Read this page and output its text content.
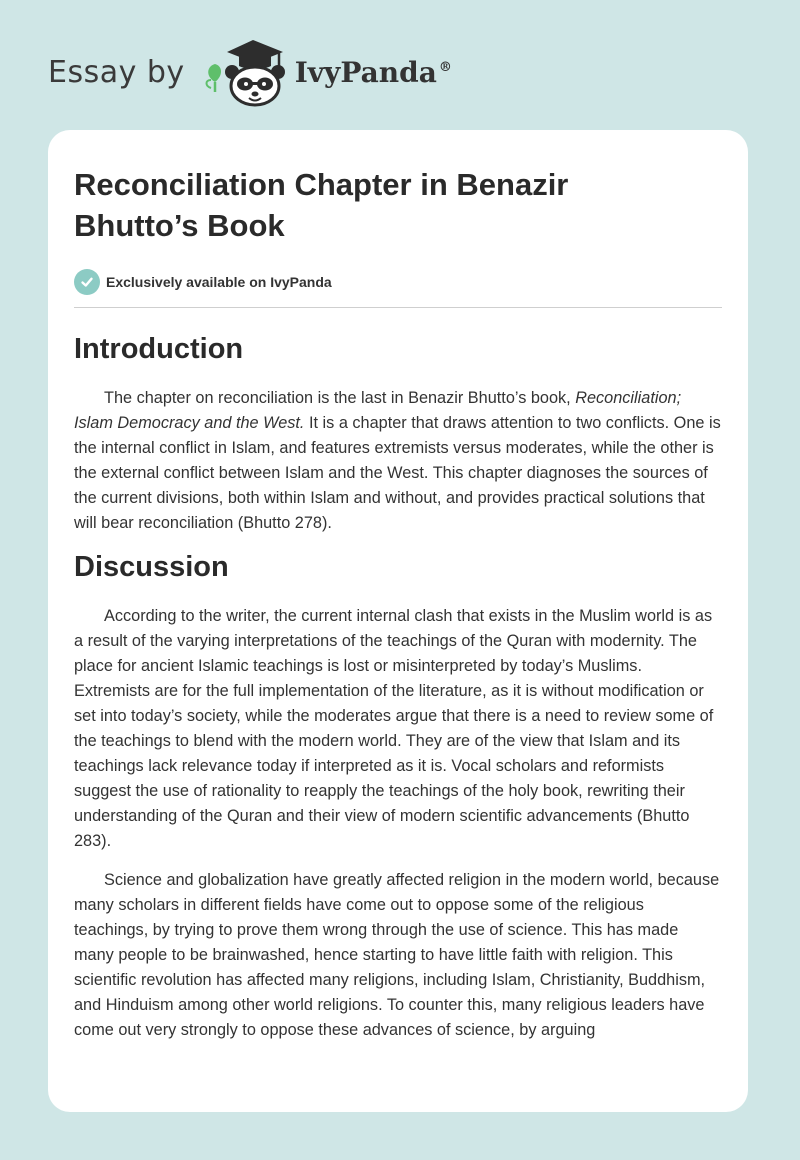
Essay by	IvyPanda ®
Reconciliation Chapter in Benazir Bhutto’s Book
Exclusively available on IvyPanda
Introduction

The chapter on reconciliation is the last in Benazir Bhutto’s book, Reconciliation; Islam Democracy and the West. It is a chapter that draws attention to two conflicts. One is the internal conflict in Islam, and features extremists versus moderates, while the other is the external conflict between Islam and the West. This chapter diagnoses the sources of the current divisions, both within Islam and without, and provides practical solutions that will bear reconciliation (Bhutto 278).

Discussion

According to the writer, the current internal clash that exists in the Muslim world is as a result of the varying interpretations of the teachings of the Quran with modernity. The place for ancient Islamic teachings is lost or misinterpreted by today’s Muslims. Extremists are for the full implementation of the literature, as it is without modification or set into today’s society, while the moderates argue that there is a need to review some of the teachings to blend with the modern world. They are of the view that Islam and its teachings lack relevance today if interpreted as it is. Vocal scholars and reformists suggest the use of rationality to reapply the teachings of the holy book, rewriting their understanding of the Quran and their view of modern scientific advancements (Bhutto 283).

Science and globalization have greatly affected religion in the modern world, because many scholars in different fields have come out to oppose some of the religious teachings, by trying to prove them wrong through the use of science. This has made many people to be brainwashed, hence starting to have little faith with religion. This scientific revolution has affected many religions, including Islam, Christianity, Buddhism, and Hinduism among other world religions. To counter this, many religious leaders have come out very strongly to oppose these advances of science, by arguing
